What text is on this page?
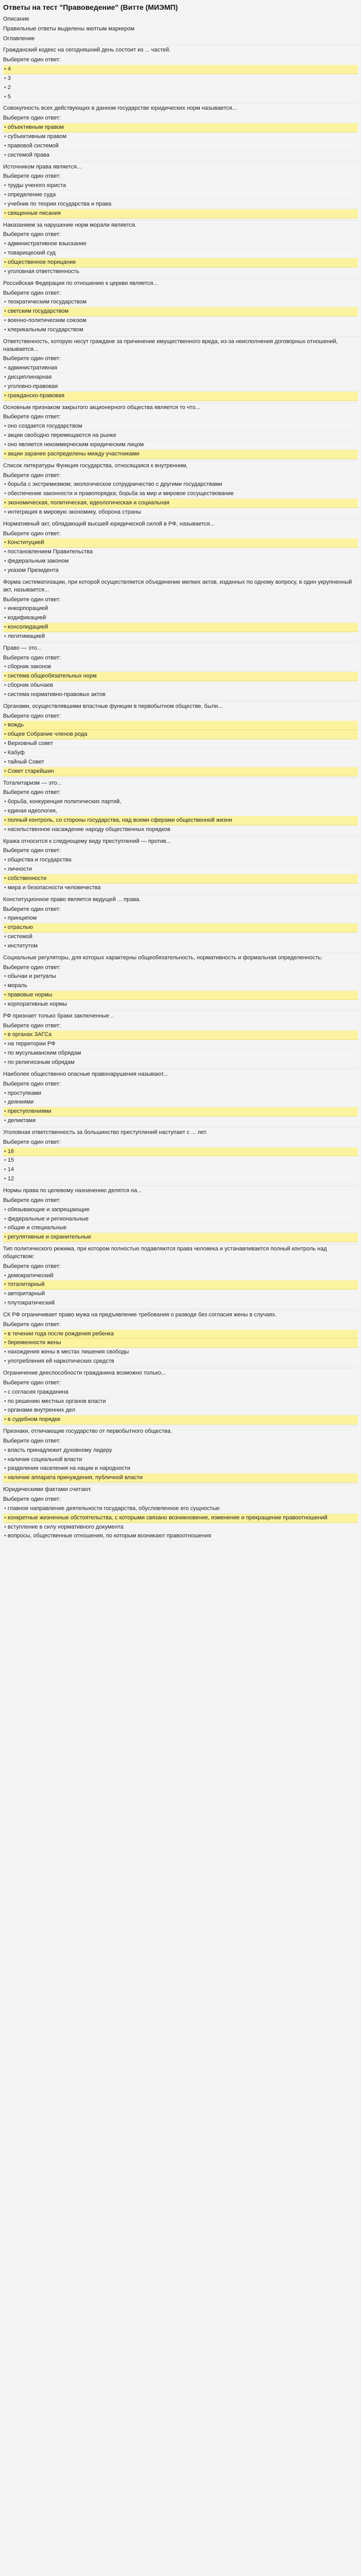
Ответы на тест "Правоведение" (Витте (МИЭМП)
Описание
Правильные ответы выделены желтым маркером
Оглавление
Гражданский кодекс на сегодняшний день состоит из ... частей.
Выберите один ответ:
• 4
• 3
• 2
• 5
Совокупность всех действующих в данном государстве юридических норм называется...
Выберите один ответ:
• объективным правом
• субъективным правом
• правовой системой
• системой права
Источником права является...
Выберите один ответ:
• труды ученого юриста
• определение суда
• учебник по теории государства и права
• священные писания
Наказанием за нарушение норм морали является.
Выберите один ответ:
• административное взыскание
• товарищеский суд
• общественное порицание
• уголовная ответственность
Российская Федерация по отношению к церкви является...
Выберите один ответ:
• теократическим государством
• светским государством
• военно-политическим союзом
• клерикальным государством
Ответственность, которую несут граждане за причинение имущественного вреда, из-за неисполнения договорных отношений, называется...
Выберите один ответ:
• административная
• дисциплинарная
• уголовно-правовая
• гражданско-правовая
Основным признаком закрытого акционерного общества является то что...
Выберите один ответ:
• оно создается государством
• акции свободно перемещаются на рынке
• оно является некоммерческим юридическим лицом
• акции заранее распределены между участниками
Список литературы Функция государства, относящаяся к внутренним,
Выберите один ответ:
• борьба с экстремизмом; экологическое сотрудничество с другими государствами
• обеспечение законности и правопорядка; борьба за мир и мировое сосуществование
• экономическая, политическая, идеологическая и социальная
• интеграция в мировую экономику, оборона страны
Нормативный акт, обладающий высшей юридической силой в РФ, называется...
Выберите один ответ:
• Конституцией
• постановлением Правительства
• федеральным законом
• указом Президента
Форма систематизации, при которой осуществляется объединение мелких актов, изданных по одному вопросу, в один укрупненный акт, называется...
Выберите один ответ:
• инкорпорацией
• кодификацией
• консолидацией
• легитимацией
Право — это...
Выберите один ответ:
• сборник законов
• система общеобязательных норм
• сборник обычаев
• система нормативно-правовых актов
Органами, осуществлявшими властные функции в первобытном обществе, были...
Выберите один ответ:
• вождь
• общее Собрание членов рода
• Верховный совет
• Кабуф
• тайный Совет
• Совет старейшин
Тоталитаризм — это...
Выберите один ответ:
• борьба, конкуренция политических партий,
• единая идеология,
• полный контроль, со стороны государства, над всеми сферами общественной жизни
• насильственное насаждение народу общественных порядков
Кража относится к следующему виду преступлений — против...
Выберите один ответ:
• общества и государства
• личности
• собственности
• мира и безопасности человечества
Конституционное право является ведущей ... права.
Выберите один ответ:
• принципом
• отраслью
• системой
• институтом
Социальные регуляторы, для которых характерны общеобязательность, нормативность и формальная определенность:
Выберите один ответ:
• обычаи и ритуалы
• мораль
• правовые нормы
• корпоративные нормы
РФ признает только браки заключенные ..
Выберите один ответ:
• в органах ЗАГСа
• на территории РФ
• по мусульманским обрядам
• по религиозным обрядам
Наиболее общественно опасные правонарушения называют...
Выберите один ответ:
• проступками
• деяниями
• преступлениями
• деликтами
Уголовная ответственность за большинство преступлений наступает с ... лет.
Выберите один ответ:
• 16
• 15
• 14
• 12
Нормы права по целевому назначению делятся на...
Выберите один ответ:
• обязывающие и запрещающие
• федеральные и региональные
• общие и специальные
• регулятивные и охранительные
Тип политического режима, при котором полностью подавляются права человека и устанавливается полный контроль над обществом:
Выберите один ответ:
• демократический
• тоталитарный
• авторитарный
• плутократический
СК РФ ограничивает право мужа на предъявление требования о разводе без согласия жены в случаях.
Выберите один ответ:
• в течении года после рождения ребенка
• беременности жены
• нахождения жены в местах лишения свободы
• употребления ей наркотических средств
Ограничение дееспособности гражданина возможно только...
Выберите один ответ:
• с согласия гражданина
• по решению местных органов власти
• органами внутренних дел
• в судебном порядке
Признаки, отличающие государство от первобытного общества.
Выберите один ответ:
• власть принадлежит духовному лидеру
• наличие социальной власти
• разделение населения на нации и народности
• наличие аппарата принуждения, публичной власти
Юридическими фактами считают.
Выберите один ответ:
• главное направление деятельности государства, обусловленное его сущностью
• конкретные жизненные обстоятельства, с которыми связано возникновение, изменение и прекращение правоотношений
• вступление в силу нормативного документа
• вопросы, общественные отношения, по которым возникают правоотношения
